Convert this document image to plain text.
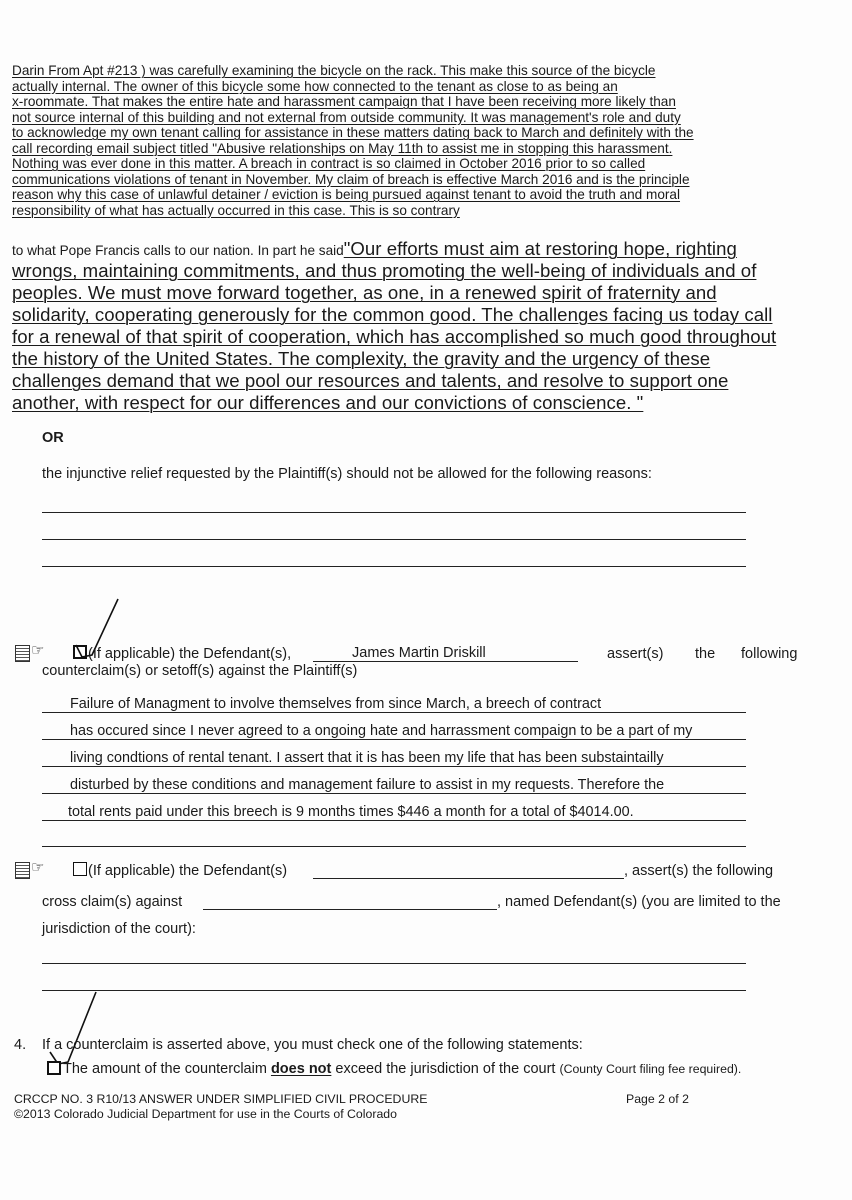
Darin From Apt #213 ) was carefully examining the bicycle on the rack. This make this source of the bicycle
actually internal. The owner of this bicycle some how connected to the tenant as close to as being an
x-roommate. That makes the entire hate and harassment campaign that I have been receiving more likely than
not source internal of this building and not external from outside community. It was management's role and duty
to acknowledge my own tenant calling for assistance in these matters dating back to March and definitely with the
call recording email subject titled "Abusive relationships on May 11th to assist me in stopping this harassment.
Nothing was ever done in this matter. A breach in contract is so claimed in October 2016 prior to so called
communications violations of tenant in November. My claim of breach is effective March 2016 and is the principle
reason why this case of unlawful detainer / eviction is being pursued against tenant to avoid the truth and moral
responsibility of what has actually occurred in this case. This is so contrary
to what Pope Francis calls to our nation. In part he said"Our efforts must aim at restoring hope, righting
wrongs, maintaining commitments, and thus promoting the well-being of individuals and of
peoples. We must move forward together, as one, in a renewed spirit of fraternity and
solidarity, cooperating generously for the common good. The challenges facing us today call
for a renewal of that spirit of cooperation, which has accomplished so much good throughout
the history of the United States. The complexity, the gravity and the urgency of these
challenges demand that we pool our resources and talents, and resolve to support one
another, with respect for our differences and our convictions of conscience. "
OR
the injunctive relief requested by the Plaintiff(s) should not be allowed for the following reasons:
☞	(If applicable) the Defendant(s),	James Martin Driskill	assert(s) the following
counterclaim(s) or setoff(s) against the Plaintiff(s)
Failure of Managment to involve themselves from since March, a breech of contract
has occured since I never agreed to a ongoing hate and harrassment compaign to be a part of my
living condtions of rental tenant. I assert that it is has been my life that has been substaintailly
disturbed by these conditions and management failure to assist in my requests. Therefore the
total rents paid under this breech is 9 months times $446 a month for a total of $4014.00.
☞	(If applicable) the Defendant(s)	, assert(s) the following
cross claim(s) against	, named Defendant(s) (you are limited to the
jurisdiction of the court):
4. If a counterclaim is asserted above, you must check one of the following statements:
The amount of the counterclaim does not exceed the jurisdiction of the court (County Court filing fee required).
CRCCP NO. 3 R10/13 ANSWER UNDER SIMPLIFIED CIVIL PROCEDURE
©2013 Colorado Judicial Department for use in the Courts of Colorado
Page 2 of 2
